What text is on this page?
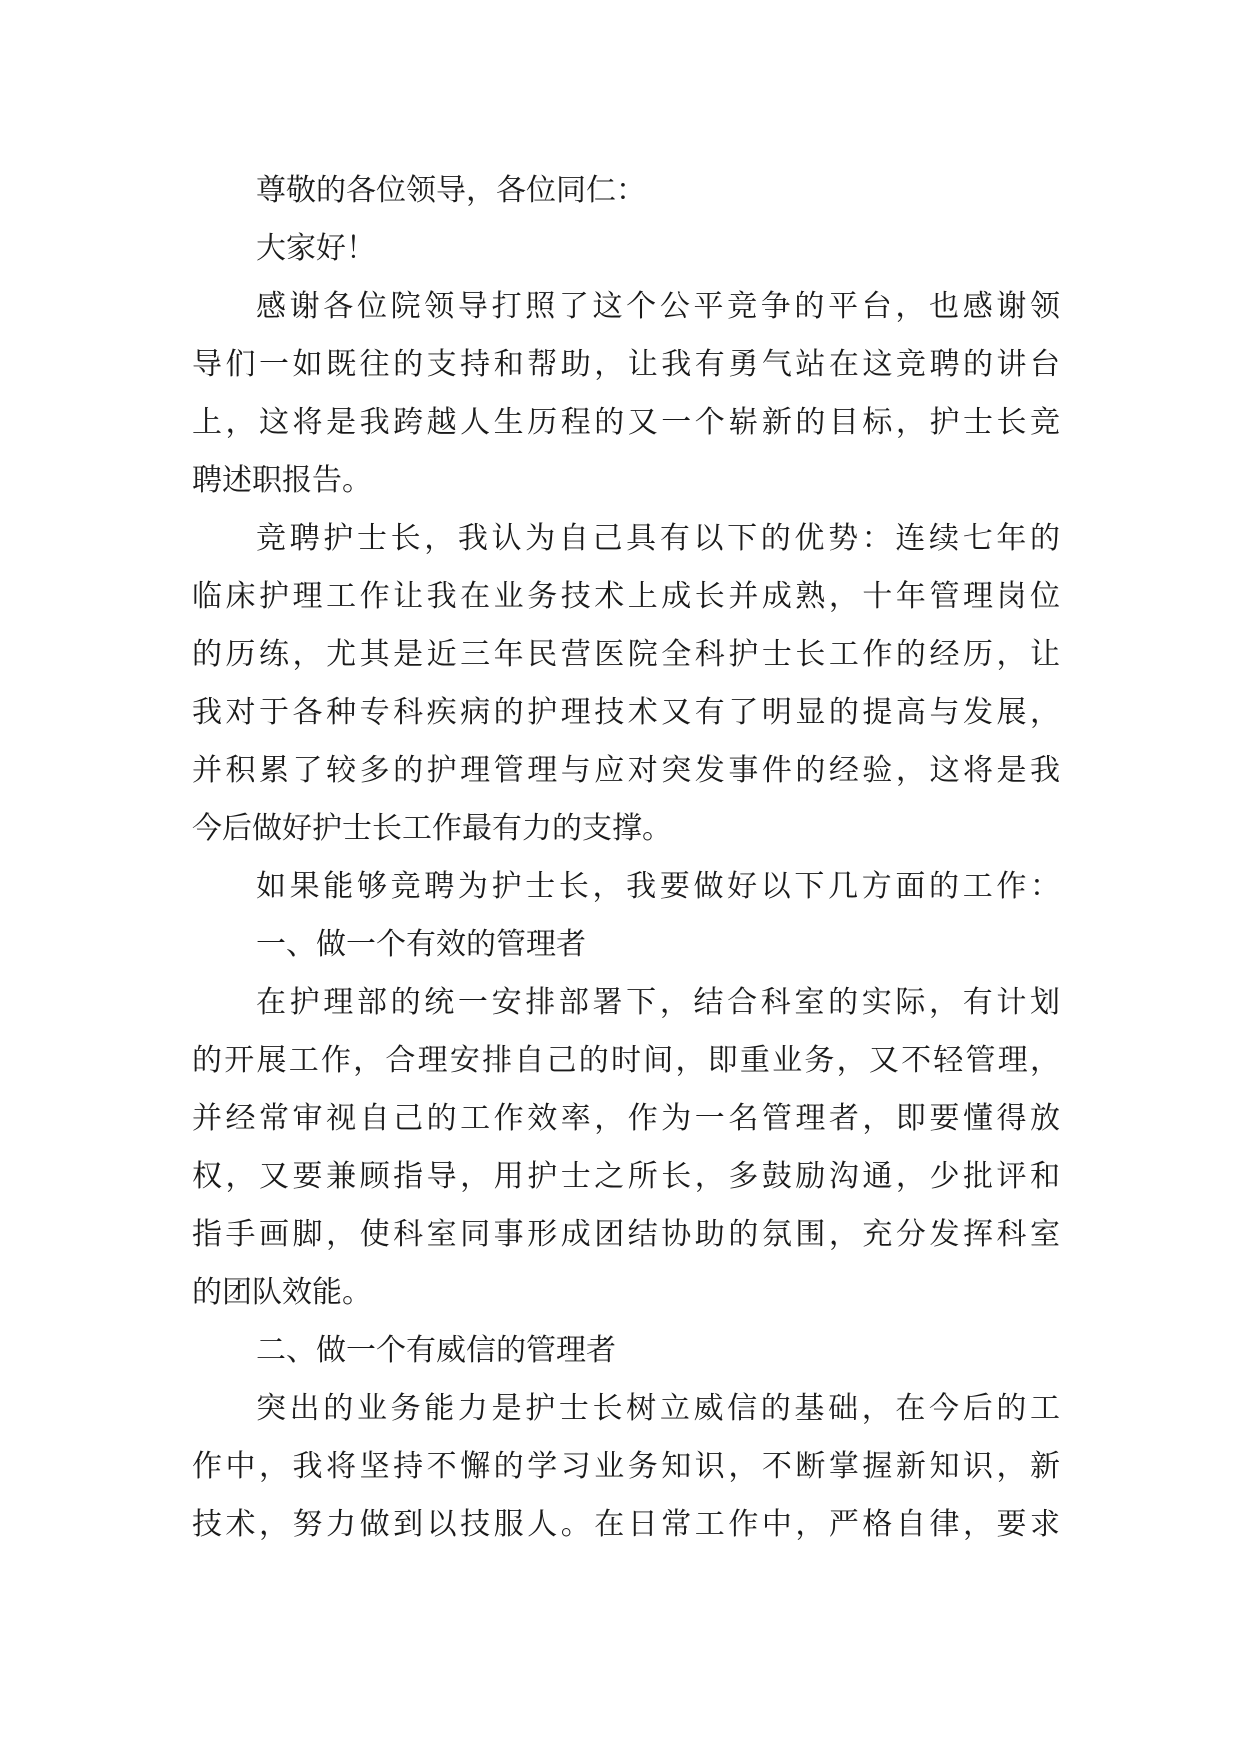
尊敬的各位领导，各位同仁：
大家好！
感谢各位院领导打照了这个公平竞争的平台，也感谢领
导们一如既往的支持和帮助，让我有勇气站在这竞聘的讲台
上，这将是我跨越人生历程的又一个崭新的目标，护士长竞
聘述职报告。
竞聘护士长，我认为自己具有以下的优势：连续七年的
临床护理工作让我在业务技术上成长并成熟，十年管理岗位
的历练，尤其是近三年民营医院全科护士长工作的经历，让
我对于各种专科疾病的护理技术又有了明显的提高与发展，
并积累了较多的护理管理与应对突发事件的经验，这将是我
今后做好护士长工作最有力的支撑。
如果能够竞聘为护士长，我要做好以下几方面的工作：
一、做一个有效的管理者
在护理部的统一安排部署下，结合科室的实际，有计划
的开展工作，合理安排自己的时间，即重业务，又不轻管理，
并经常审视自己的工作效率，作为一名管理者，即要懂得放
权，又要兼顾指导，用护士之所长，多鼓励沟通，少批评和
指手画脚，使科室同事形成团结协助的氛围，充分发挥科室
的团队效能。
二、做一个有威信的管理者
突出的业务能力是护士长树立威信的基础，在今后的工
作中，我将坚持不懈的学习业务知识，不断掌握新知识，新
技术，努力做到以技服人。在日常工作中，严格自律，要求
